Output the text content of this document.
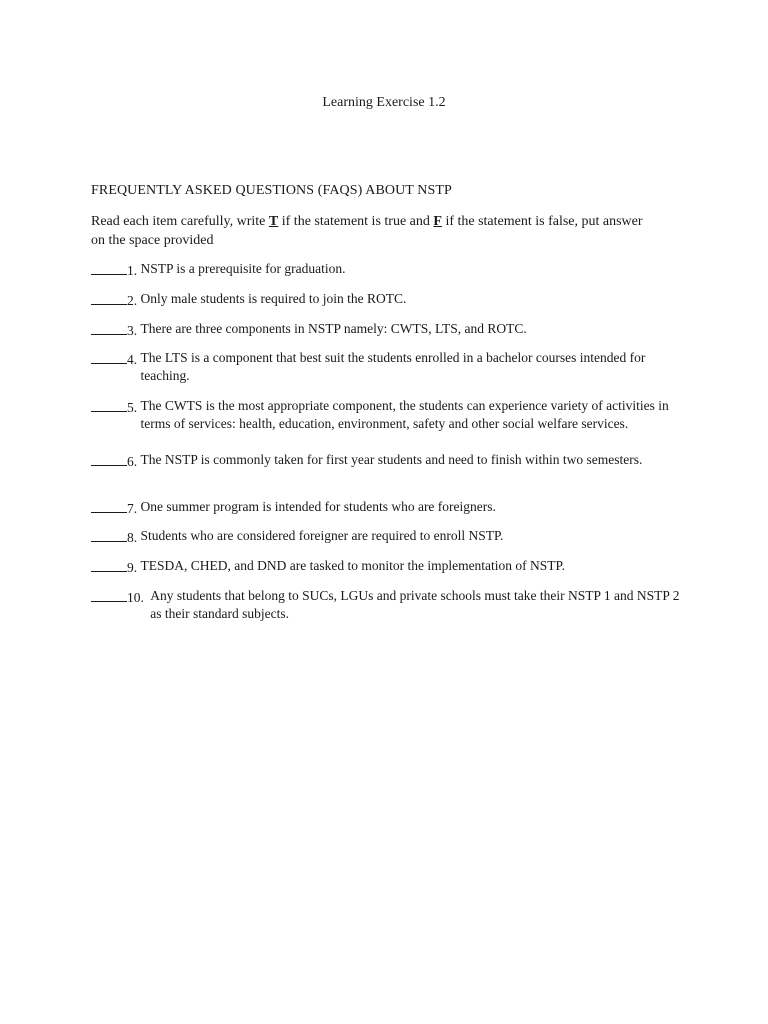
Learning Exercise 1.2
FREQUENTLY ASKED QUESTIONS (FAQS) ABOUT NSTP
Read each item carefully, write T if the statement is true and F if the statement is false, put answer on the space provided
1. NSTP is a prerequisite for graduation.
2. Only male students is required to join the ROTC.
3. There are three components in NSTP namely: CWTS, LTS, and ROTC.
4. The LTS is a component that best suit the students enrolled in a bachelor courses intended for teaching.
5. The CWTS is the most appropriate component, the students can experience variety of activities in terms of services: health, education, environment, safety and other social welfare services.
6. The NSTP is commonly taken for first year students and need to finish within two semesters.
7. One summer program is intended for students who are foreigners.
8. Students who are considered foreigner are required to enroll NSTP.
9. TESDA, CHED, and DND are tasked to monitor the implementation of NSTP.
10. Any students that belong to SUCs, LGUs and private schools must take their NSTP 1 and NSTP 2 as their standard subjects.
